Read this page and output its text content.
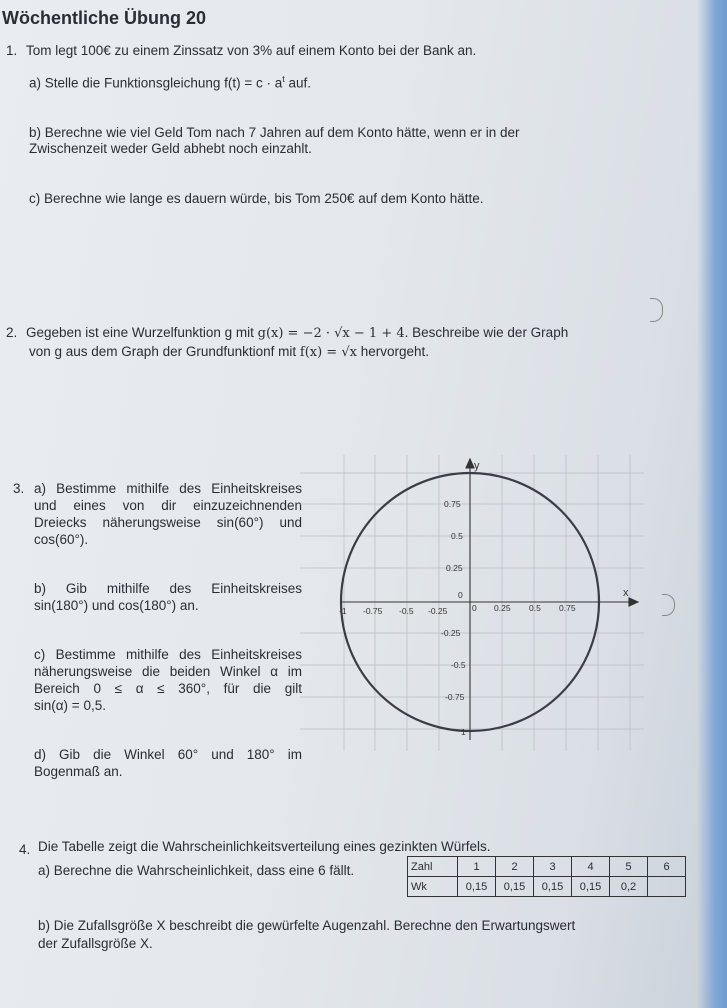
Wöchentliche Übung 20
1. Tom legt 100€ zu einem Zinssatz von 3% auf einem Konto bei der Bank an.
a) Stelle die Funktionsgleichung $f(t) = c \cdot a^t$ auf.
b) Berechne wie viel Geld Tom nach 7 Jahren auf dem Konto hätte, wenn er in der
Zwischenzeit weder Geld abhebt noch einzahlt.
c) Berechne wie lange es dauern würde, bis Tom 250€ auf dem Konto hätte.
2. Gegeben ist eine Wurzelfunktion g mit g(x) = −2 · √x − 1 + 4. Beschreibe wie der Graph
von g aus dem Graph der Grundfunktionf mit f(x) = √x hervorgeht.
3. a) Bestimme mithilfe des Einheitskreises
und eines von dir einzuzeichnenden
Dreiecks näherungsweise sin(60°) und
cos(60°).
b) Gib mithilfe des Einheitskreises
sin(180°) und cos(180°) an.
c) Bestimme mithilfe des Einheitskreises
näherungsweise die beiden Winkel α im
Bereich 0 ≤ α ≤ 360°, für die gilt
sin(α) = 0,5.
d) Gib die Winkel 60° und 180° im
Bogenmaß an.
x
y
-1 -0.75 -0.5 -0.25	0 0.25 0.5 0.75
0.75
0.5
0.25
0
-0.25
-0.5
-0.75
1
4. Die Tabelle zeigt die Wahrscheinlichkeitsverteilung eines gezinkten Würfels.
a) Berechne die Wahrscheinlichkeit, dass eine 6 fällt.	Zahl	1	2	3	4	5	6
Wk	0,15	0,15	0,15	0,15	0,2	
b) Die Zufallsgröße X beschreibt die gewürfelte Augenzahl. Berechne den Erwartungswert
der Zufallsgröße X.
